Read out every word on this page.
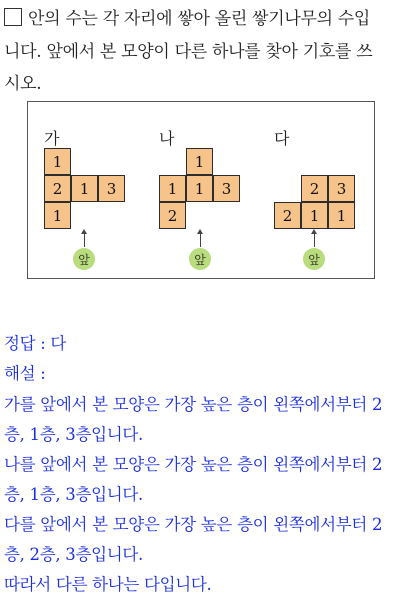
안의 수는 각 자리에 쌓아 올린 쌓기나무의 수입
니다. 앞에서 본 모양이 다른 하나를 찾아 기호를 쓰
시오.
가
1
2
1
1	3
앞
나
1
1	1	3
2
앞
다
2	3
2	1	1
앞
정답 : 다
해설 :
가를 앞에서 본 모양은 가장 높은 층이 왼쪽에서부터 2
층, 1층, 3층입니다.
나를 앞에서 본 모양은 가장 높은 층이 왼쪽에서부터 2
층, 1층, 3층입니다.
다를 앞에서 본 모양은 가장 높은 층이 왼쪽에서부터 2
층, 2층, 3층입니다.
따라서 다른 하나는 다입니다.
